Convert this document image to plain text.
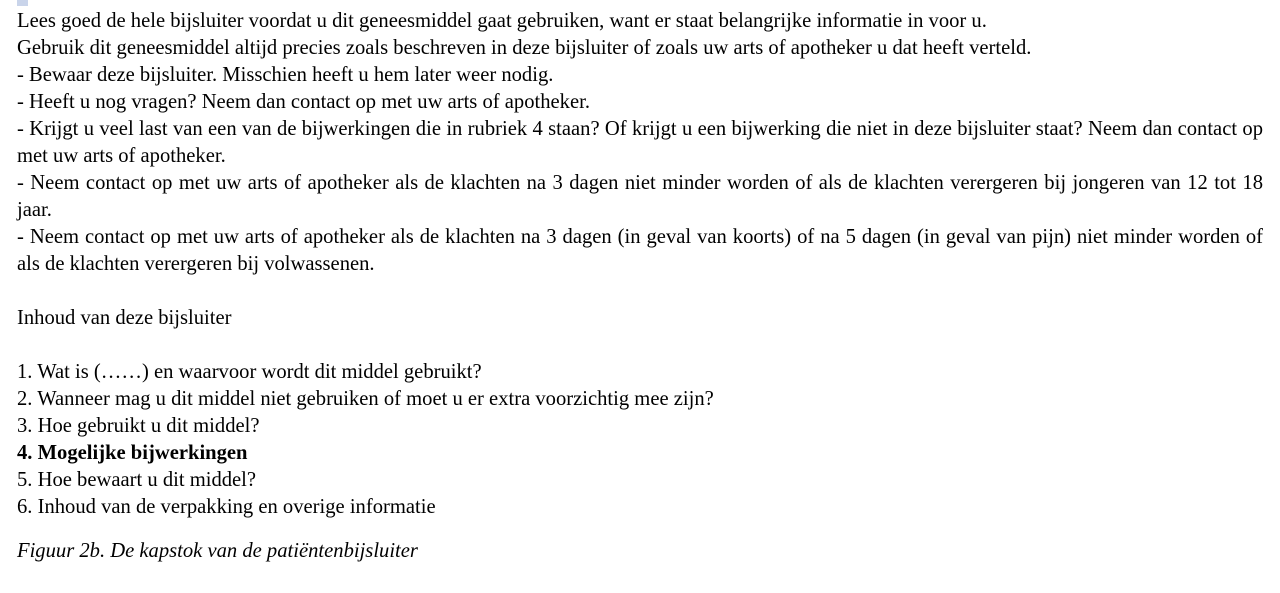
Lees goed de hele bijsluiter voordat u dit geneesmiddel gaat gebruiken, want er staat belangrijke informatie in voor u.

Gebruik dit geneesmiddel altijd precies zoals beschreven in deze bijsluiter of zoals uw arts of apotheker u dat heeft verteld.

- Bewaar deze bijsluiter. Misschien heeft u hem later weer nodig.

- Heeft u nog vragen? Neem dan contact op met uw arts of apotheker.

- Krijgt u veel last van een van de bijwerkingen die in rubriek 4 staan? Of krijgt u een bijwerking die niet in deze bijsluiter staat? Neem dan contact op met uw arts of apotheker.

- Neem contact op met uw arts of apotheker als de klachten na 3 dagen niet minder worden of als de klachten verergeren bij jongeren van 12 tot 18 jaar.

- Neem contact op met uw arts of apotheker als de klachten na 3 dagen (in geval van koorts) of na 5 dagen (in geval van pijn) niet minder worden of als de klachten verergeren bij volwassenen.

Inhoud van deze bijsluiter

1. Wat is (……) en waarvoor wordt dit middel gebruikt?
2. Wanneer mag u dit middel niet gebruiken of moet u er extra voorzichtig mee zijn?
3. Hoe gebruikt u dit middel?
4. Mogelijke bijwerkingen
5. Hoe bewaart u dit middel?
6. Inhoud van de verpakking en overige informatie

Figuur 2b. De kapstok van de patiëntenbijsluiter
